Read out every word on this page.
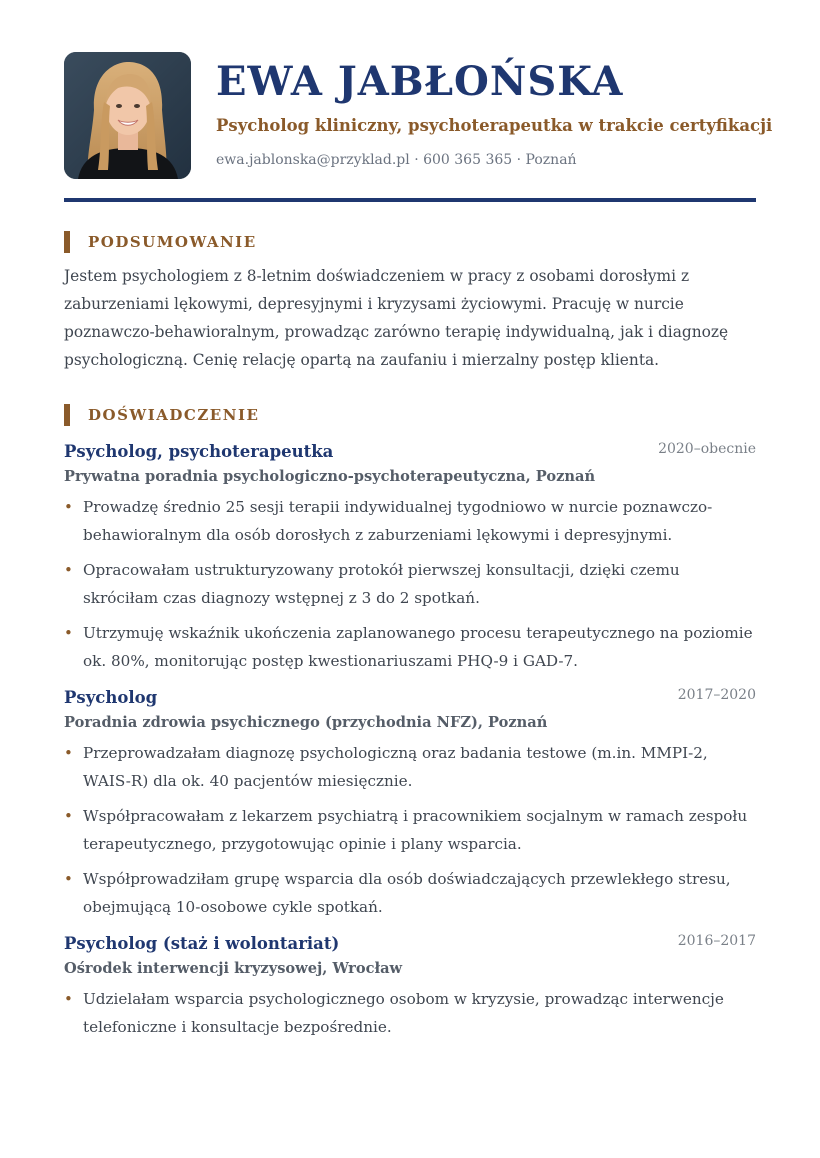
EWA JABŁOŃSKA
Psycholog kliniczny, psychoterapeutka w trakcie certyfikacji
ewa.jablonska@przyklad.pl · 600 365 365 · Poznań
PODSUMOWANIE
Jestem psychologiem z 8-letnim doświadczeniem w pracy z osobami dorosłymi z zaburzeniami lękowymi, depresyjnymi i kryzysami życiowymi. Pracuję w nurcie poznawczo-behawioralnym, prowadząc zarówno terapię indywidualną, jak i diagnozę psychologiczną. Cenię relację opartą na zaufaniu i mierzalny postęp klienta.
DOŚWIADCZENIE
Psycholog, psychoterapeutka	2020–obecnie
Prywatna poradnia psychologiczno-psychoterapeutyczna, Poznań
• Prowadzę średnio 25 sesji terapii indywidualnej tygodniowo w nurcie poznawczo-behawioralnym dla osób dorosłych z zaburzeniami lękowymi i depresyjnymi.
• Opracowałam ustrukturyzowany protokół pierwszej konsultacji, dzięki czemu skróciłam czas diagnozy wstępnej z 3 do 2 spotkań.
• Utrzymuję wskaźnik ukończenia zaplanowanego procesu terapeutycznego na poziomie ok. 80%, monitorując postęp kwestionariuszami PHQ-9 i GAD-7.
Psycholog	2017–2020
Poradnia zdrowia psychicznego (przychodnia NFZ), Poznań
• Przeprowadzałam diagnozę psychologiczną oraz badania testowe (m.in. MMPI-2, WAIS-R) dla ok. 40 pacjentów miesięcznie.
• Współpracowałam z lekarzem psychiatrą i pracownikiem socjalnym w ramach zespołu terapeutycznego, przygotowując opinie i plany wsparcia.
• Współprowadziłam grupę wsparcia dla osób doświadczających przewlekłego stresu, obejmującą 10-osobowe cykle spotkań.
Psycholog (staż i wolontariat)	2016–2017
Ośrodek interwencji kryzysowej, Wrocław
• Udzielałam wsparcia psychologicznego osobom w kryzysie, prowadząc interwencje telefoniczne i konsultacje bezpośrednie.
